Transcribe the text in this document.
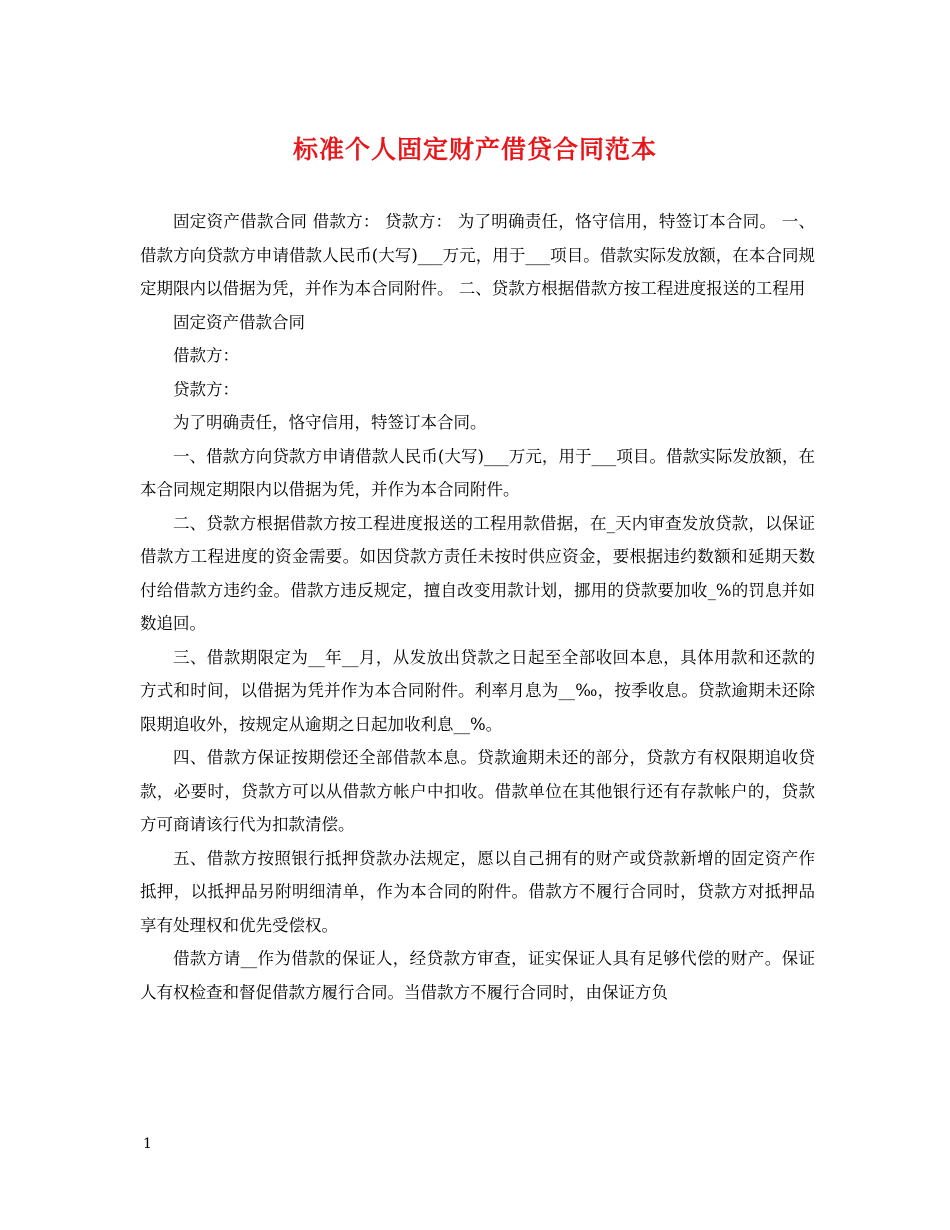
标准个人固定财产借贷合同范本

固定资产借款合同 借款方： 贷款方： 为了明确责任，恪守信用，特签订本合同。 一、借款方向贷款方申请借款人民币(大写)___万元，用于___项目。借款实际发放额，在本合同规定期限内以借据为凭，并作为本合同附件。 二、贷款方根据借款方按工程进度报送的工程用

固定资产借款合同

借款方：

贷款方：

为了明确责任，恪守信用，特签订本合同。

一、借款方向贷款方申请借款人民币(大写)___万元，用于___项目。借款实际发放额，在本合同规定期限内以借据为凭，并作为本合同附件。

二、贷款方根据借款方按工程进度报送的工程用款借据，在_天内审查发放贷款，以保证借款方工程进度的资金需要。如因贷款方责任未按时供应资金，要根据违约数额和延期天数付给借款方违约金。借款方违反规定，擅自改变用款计划，挪用的贷款要加收_%的罚息并如数追回。

三、借款期限定为__年__月，从发放出贷款之日起至全部收回本息，具体用款和还款的方式和时间，以借据为凭并作为本合同附件。利率月息为__‰，按季收息。贷款逾期未还除限期追收外，按规定从逾期之日起加收利息__%。

四、借款方保证按期偿还全部借款本息。贷款逾期未还的部分，贷款方有权限期追收贷款，必要时，贷款方可以从借款方帐户中扣收。借款单位在其他银行还有存款帐户的，贷款方可商请该行代为扣款清偿。

五、借款方按照银行抵押贷款办法规定，愿以自己拥有的财产或贷款新增的固定资产作抵押，以抵押品另附明细清单，作为本合同的附件。借款方不履行合同时，贷款方对抵押品享有处理权和优先受偿权。

借款方请__作为借款的保证人，经贷款方审查，证实保证人具有足够代偿的财产。保证人有权检查和督促借款方履行合同。当借款方不履行合同时，由保证方负

1
